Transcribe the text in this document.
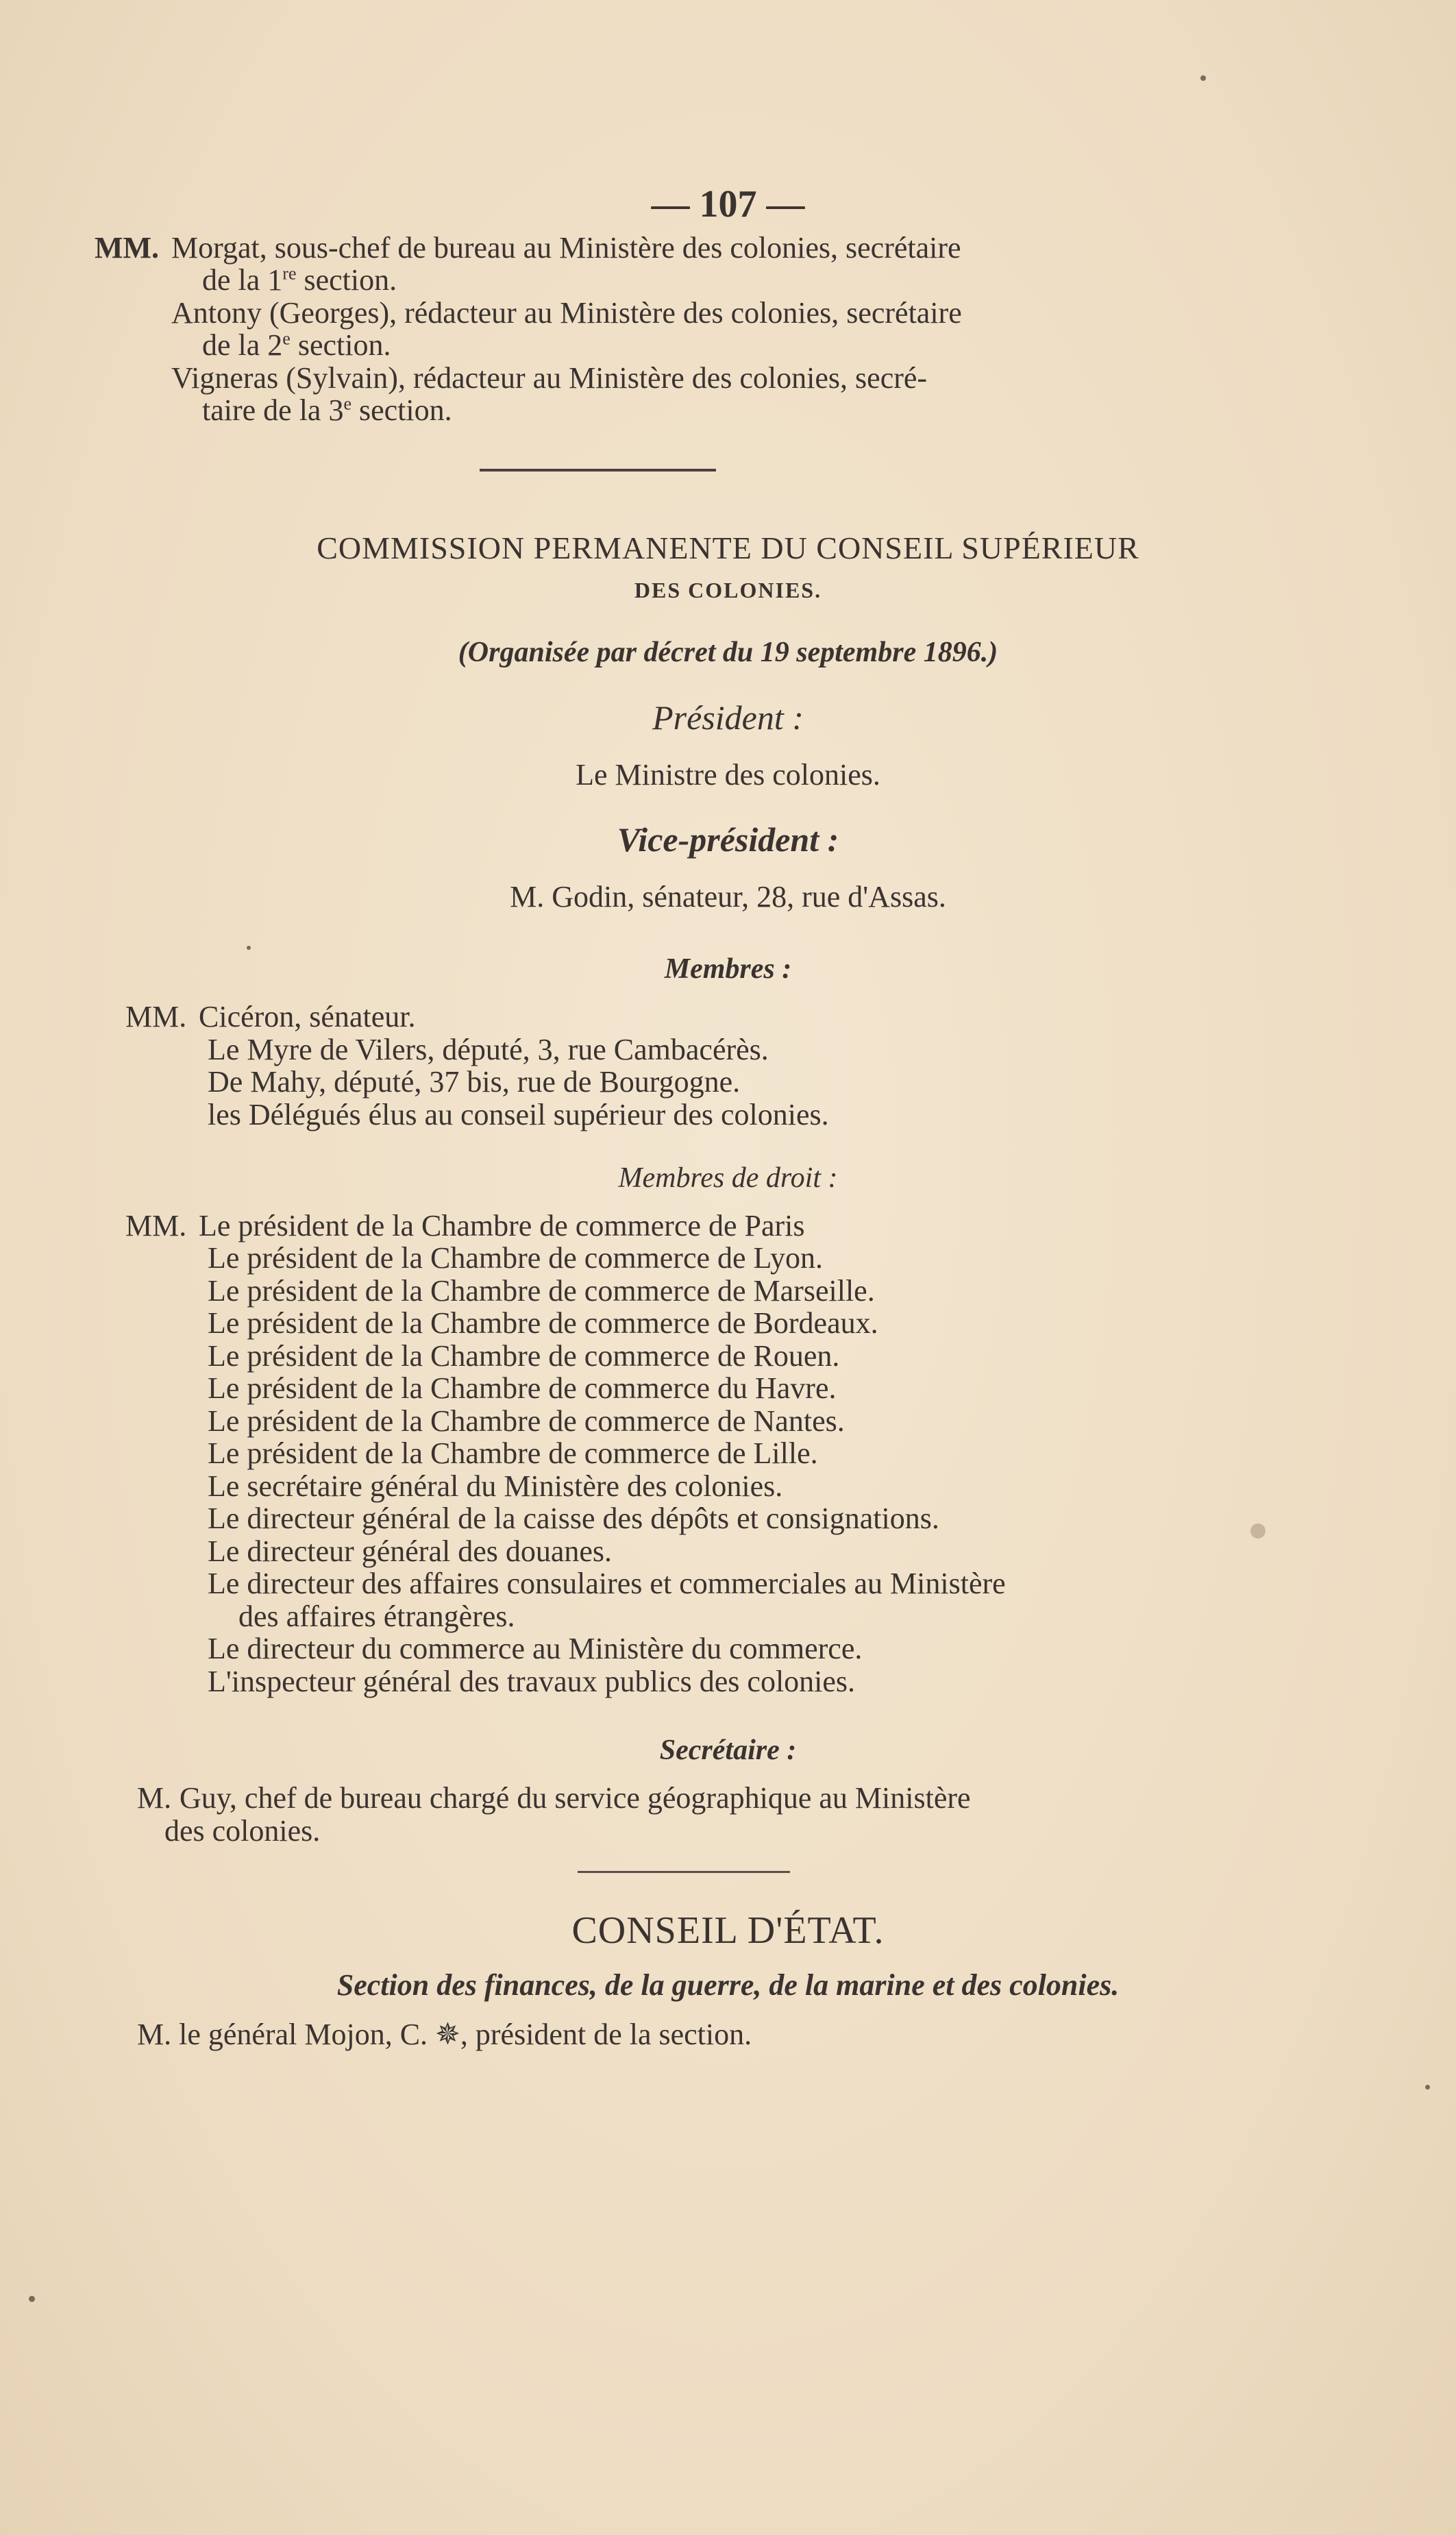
— 107 —
MM. Morgat, sous-chef de bureau au Ministère des colonies, secrétaire
de la 1re section.
Antony (Georges), rédacteur au Ministère des colonies, secrétaire
de la 2e section.
Vigneras (Sylvain), rédacteur au Ministère des colonies, secré-
taire de la 3e section.
COMMISSION PERMANENTE DU CONSEIL SUPÉRIEUR
DES COLONIES.
(Organisée par décret du 19 septembre 1896.)
Président :
Le Ministre des colonies.
Vice-président :
M. Godin, sénateur, 28, rue d'Assas.
Membres :
MM. Cicéron, sénateur.
Le Myre de Vilers, député, 3, rue Cambacérès.
De Mahy, député, 37 bis, rue de Bourgogne.
les Délégués élus au conseil supérieur des colonies.
Membres de droit :
MM. Le président de la Chambre de commerce de Paris
Le président de la Chambre de commerce de Lyon.
Le président de la Chambre de commerce de Marseille.
Le président de la Chambre de commerce de Bordeaux.
Le président de la Chambre de commerce de Rouen.
Le président de la Chambre de commerce du Havre.
Le président de la Chambre de commerce de Nantes.
Le président de la Chambre de commerce de Lille.
Le secrétaire général du Ministère des colonies.
Le directeur général de la caisse des dépôts et consignations.
Le directeur général des douanes.
Le directeur des affaires consulaires et commerciales au Ministère
des affaires étrangères.
Le directeur du commerce au Ministère du commerce.
L'inspecteur général des travaux publics des colonies.
Secrétaire :
M. Guy, chef de bureau chargé du service géographique au Ministère
des colonies.
CONSEIL D'ÉTAT.
Section des finances, de la guerre, de la marine et des colonies.
M. le général Mojon, C. ✵, président de la section.
